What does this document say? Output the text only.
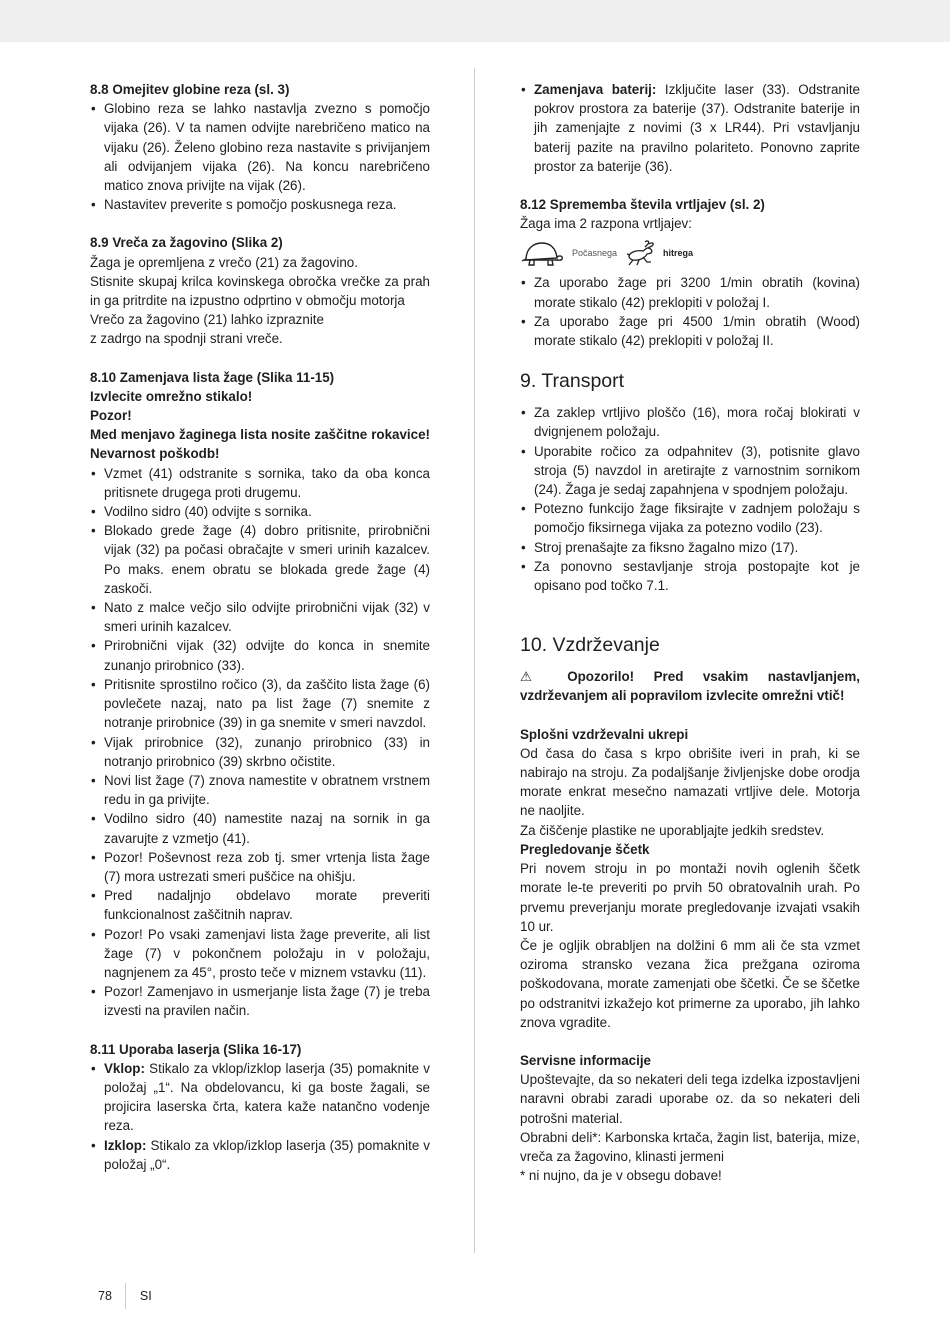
8.8 Omejitev globine reza (sl. 3)

• Globino reza se lahko nastavlja zvezno s pomočjo vijaka (26). V ta namen odvijte narebričeno matico na vijaku (26). Želeno globino reza nastavite s privijanjem ali odvijanjem vijaka (26). Na koncu narebričeno matico znova privijte na vijak (26).
• Nastavitev preverite s pomočjo poskusnega reza.

8.9 Vreča za žagovino (Slika 2)

Žaga je opremljena z vrečo (21) za žagovino.

Stisnite skupaj krilca kovinskega obročka vrečke za prah in ga pritrdite na izpustno odprtino v območju motorja

Vrečo za žagovino (21) lahko izpraznite

z zadrgo na spodnji strani vreče.

8.10 Zamenjava lista žage (Slika 11-15)

Izvlecite omrežno stikalo!

Pozor!

Med menjavo žaginega lista nosite zaščitne rokavice! Nevarnost poškodb!

• Vzmet (41) odstranite s sornika, tako da oba konca pritisnete drugega proti drugemu.
• Vodilno sidro (40) odvijte s sornika.
• Blokado grede žage (4) dobro pritisnite, prirobnični vijak (32) pa počasi obračajte v smeri urinih kazalcev. Po maks. enem obratu se blokada grede žage (4) zaskoči.
• Nato z malce večjo silo odvijte prirobnični vijak (32) v smeri urinih kazalcev.
• Prirobnični vijak (32) odvijte do konca in snemite zunanjo prirobnico (33).
• Pritisnite sprostilno ročico (3), da zaščito lista žage (6) povlečete nazaj, nato pa list žage (7) snemite z notranje prirobnice (39) in ga snemite v smeri navzdol.
• Vijak prirobnice (32), zunanjo prirobnico (33) in notranjo prirobnico (39) skrbno očistite.
• Novi list žage (7) znova namestite v obratnem vrstnem redu in ga privijte.
• Vodilno sidro (40) namestite nazaj na sornik in ga zavarujte z vzmetjo (41).
• Pozor! Poševnost reza zob tj. smer vrtenja lista žage (7) mora ustrezati smeri puščice na ohišju.
• Pred nadaljnjo obdelavo morate preveriti funkcionalnost zaščitnih naprav.
• Pozor! Po vsaki zamenjavi lista žage preverite, ali list žage (7) v pokončnem položaju in v položaju, nagnjenem za 45°, prosto teče v miznem vstavku (11).
• Pozor! Zamenjavo in usmerjanje lista žage (7) je treba izvesti na pravilen način.

8.11 Uporaba laserja (Slika 16-17)

• Vklop: Stikalo za vklop/izklop laserja (35) pomaknite v položaj „1“. Na obdelovancu, ki ga boste žagali, se projicira laserska črta, katera kaže natančno vodenje reza.
• Izklop: Stikalo za vklop/izklop laserja (35) pomaknite v položaj „0“.
• Zamenjava baterij: Izključite laser (33). Odstranite pokrov prostora za baterije (37). Odstranite baterije in jih zamenjajte z novimi (3 x LR44). Pri vstavljanju baterij pazite na pravilno polariteto. Ponovno zaprite prostor za baterije (36).

8.12 Sprememba števila vrtljajev (sl. 2)

Žaga ima 2 razpona vrtljajev:

Počasnega	hitrega
• Za uporabo žage pri 3200 1/min obratih (kovina) morate stikalo (42) preklopiti v položaj I.
• Za uporabo žage pri 4500 1/min obratih (Wood) morate stikalo (42) preklopiti v položaj II.
9. Transport
• Za zaklep vrtljivo ploščo (16), mora ročaj blokirati v dvignjenem položaju.
• Uporabite ročico za odpahnitev (3), potisnite glavo stroja (5) navzdol in aretirajte z varnostnim sornikom (24). Žaga je sedaj zapahnjena v spodnjem položaju.
• Potezno funkcijo žage fiksirajte v zadnjem položaju s pomočjo fiksirnega vijaka za potezno vodilo (23).
• Stroj prenašajte za fiksno žagalno mizo (17).
• Za ponovno sestavljanje stroja postopajte kot je opisano pod točko 7.1.
10. Vzdrževanje

⚠ Opozorilo! Pred vsakim nastavljanjem, vzdrževanjem ali popravilom izvlecite omrežni vtič!

Splošni vzdrževalni ukrepi

Od časa do časa s krpo obrišite iveri in prah, ki se nabirajo na stroju. Za podaljšanje življenjske dobe orodja morate enkrat mesečno namazati vrtljive dele. Motorja ne naoljite.

Za čiščenje plastike ne uporabljajte jedkih sredstev.

Pregledovanje ščetk

Pri novem stroju in po montaži novih oglenih ščetk morate le-te preveriti po prvih 50 obratovalnih urah. Po prvemu preverjanju morate pregledovanje izvajati vsakih 10 ur.

Če je ogljik obrabljen na dolžini 6 mm ali če sta vzmet oziroma stransko vezana žica prežgana oziroma poškodovana, morate zamenjati obe ščetki. Če se ščetke po odstranitvi izkažejo kot primerne za uporabo, jih lahko znova vgradite.

Servisne informacije

Upoštevajte, da so nekateri deli tega izdelka izpostavljeni naravni obrabi zaradi uporabe oz. da so nekateri deli potrošni material.

Obrabni deli*: Karbonska krtača, žagin list, baterija, mize, vreča za žagovino, klinasti jermeni

* ni nujno, da je v obsegu dobave!

78 SI
